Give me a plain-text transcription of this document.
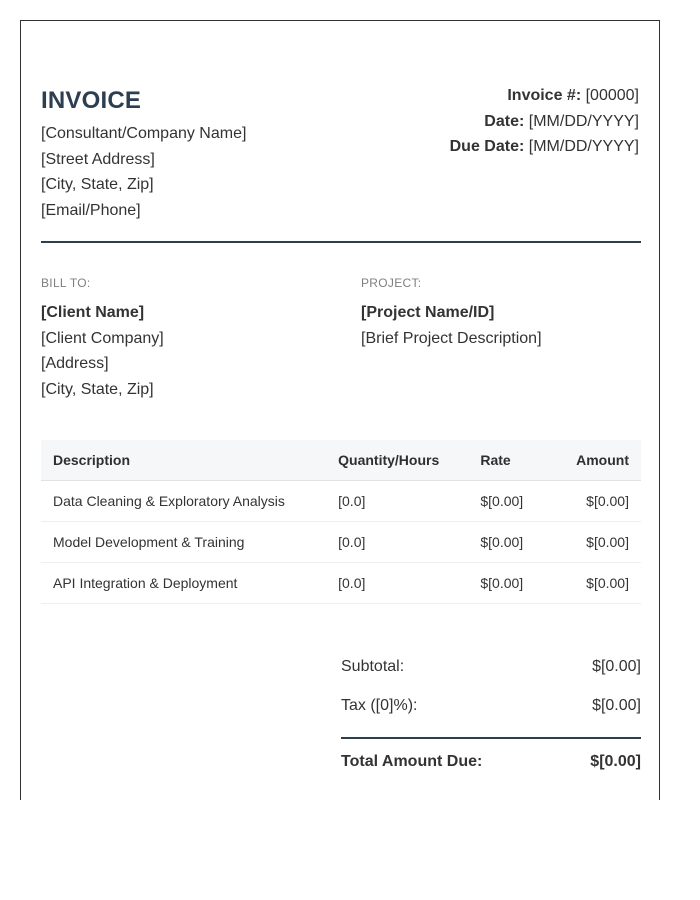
INVOICE
[Consultant/Company Name]
[Street Address]
[City, State, Zip]
[Email/Phone]
Invoice #: [00000]
Date: [MM/DD/YYYY]
Due Date: [MM/DD/YYYY]
BILL TO:
[Client Name]
[Client Company]
[Address]
[City, State, Zip]
PROJECT:
[Project Name/ID]
[Brief Project Description]
Description	Quantity/Hours	Rate	Amount
Data Cleaning & Exploratory Analysis	[0.0]	$[0.00]	$[0.00]
Model Development & Training	[0.0]	$[0.00]	$[0.00]
API Integration & Deployment	[0.0]	$[0.00]	$[0.00]
Subtotal:	$[0.00]
Tax ([0]%):	$[0.00]
Total Amount Due:	$[0.00]
